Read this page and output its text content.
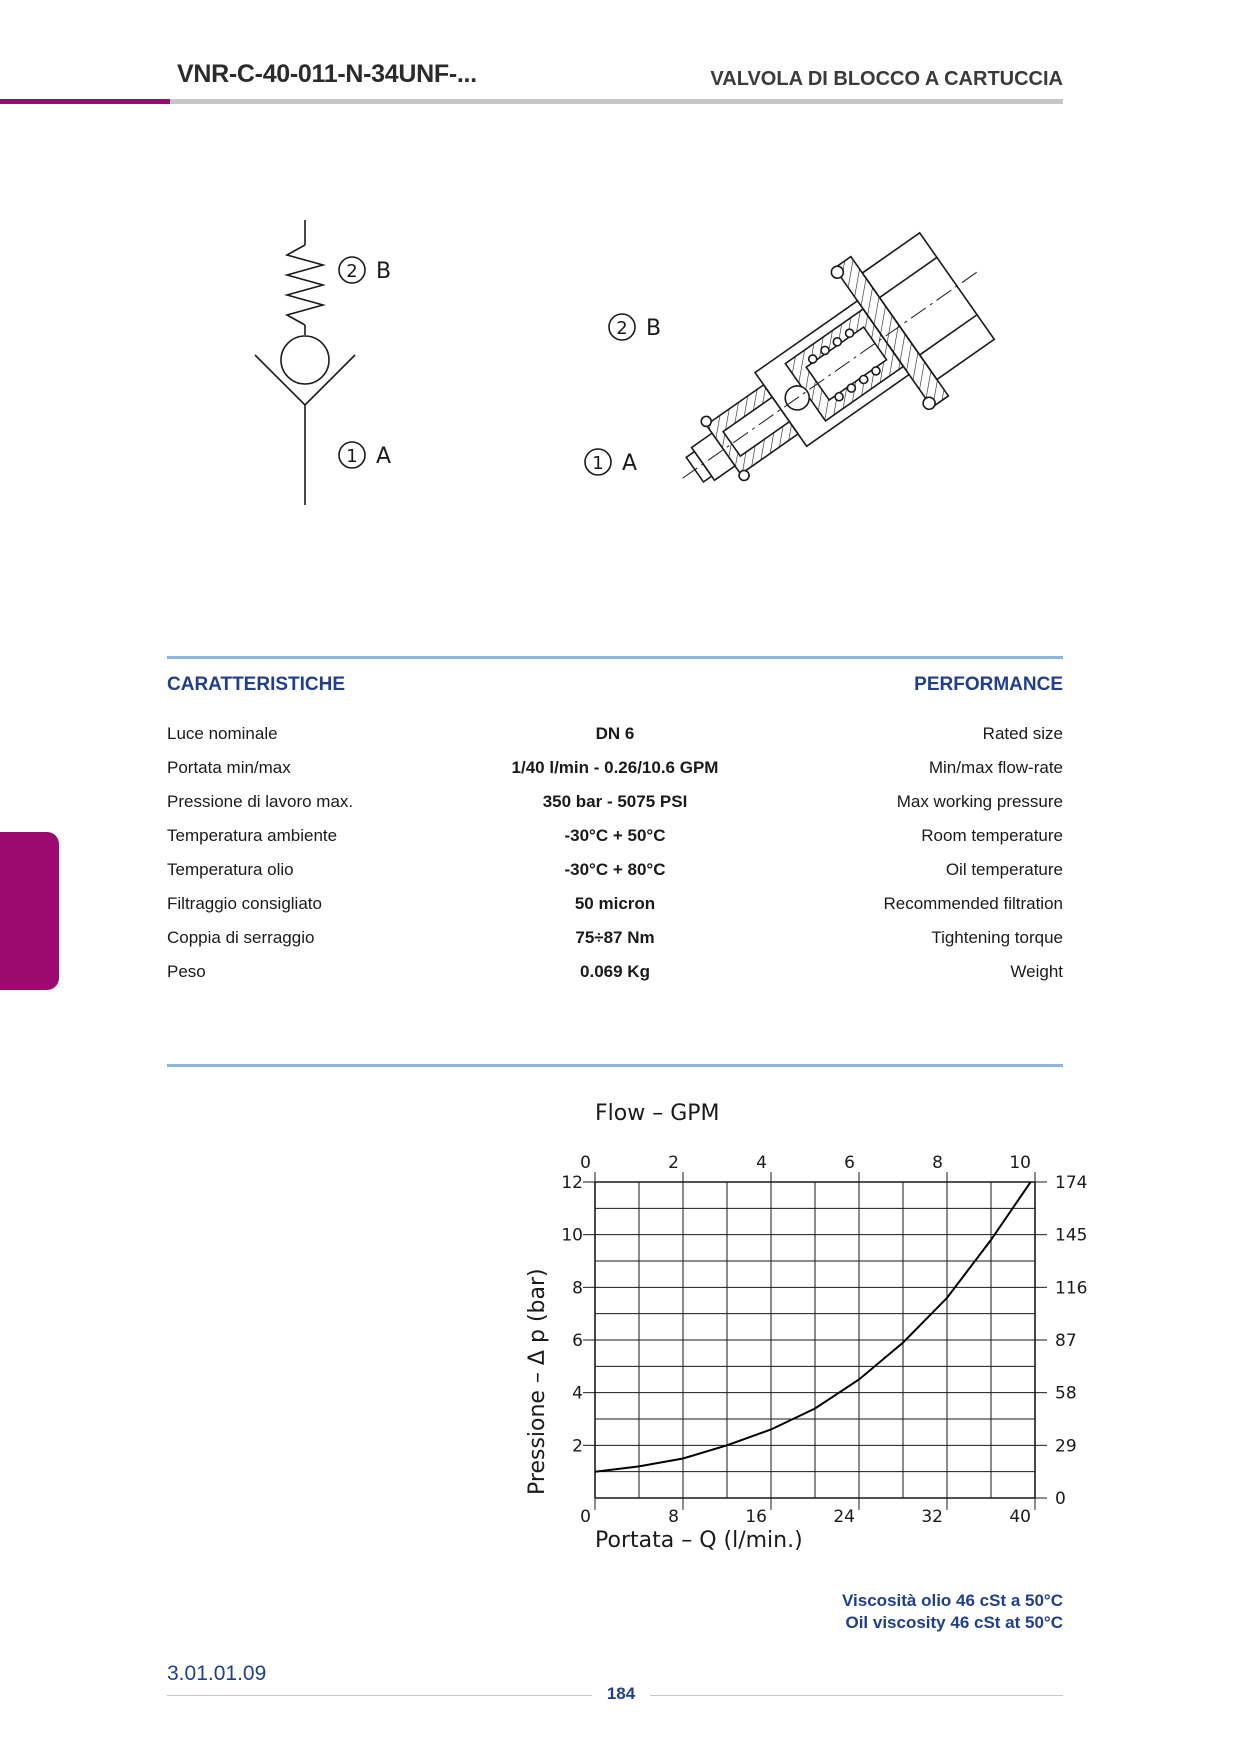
VNR-C-40-011-N-34UNF-...	VALVOLA DI BLOCCO A CARTUCCIA
2 B
1 A
2 B
1 A
CARATTERISTICHE	PERFORMANCE
Luce nominale	DN 6	Rated size
Portata min/max	1/40 l/min - 0.26/10.6 GPM	Min/max flow-rate
Pressione di lavoro max.	350 bar - 5075 PSI	Max working pressure
Temperatura ambiente	-30°C + 50°C	Room temperature
Temperatura olio	-30°C + 80°C	Oil temperature
Filtraggio consigliato	50 micron	Recommended filtration
Coppia di serraggio	75÷87 Nm	Tightening torque
Peso	0.069 Kg	Weight
0	8	16	24	32	40
0	2	4	6	8	10
2
4
6
8
10
12
0
29
58
87
116
145
174
Flow – GPM
Portata – Q (l/min.)
Pressione – Δ p (bar)
Viscosità olio 46 cSt a 50°C
Oil viscosity 46 cSt at 50°C
3.01.01.09
184
